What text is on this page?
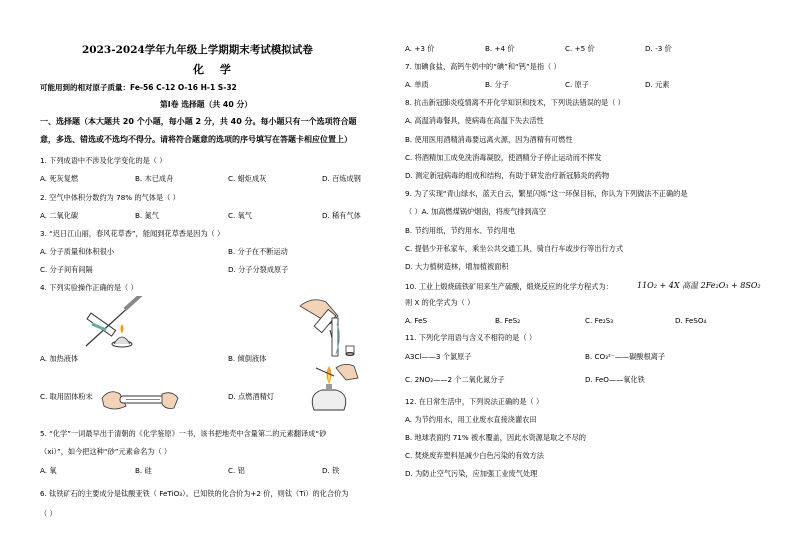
2023-2024学年九年级上学期期末考试模拟试卷
化 学
可能用到的相对原子质量：Fe-56 C-12 O-16 H-1 S-32
第Ⅰ卷 选择题（共 40 分）
一、选择题（本大题共 20 个小题，每小题 2 分，共 40 分。每小题只有一个选项符合题
意，多选、错选或不选均不得分。请将符合题意的选项的序号填写在答题卡相应位置上）
1. 下列成语中不涉及化学变化的是（ ）
A. 死灰复燃	B. 木已成舟	C. 蜡炬成灰	D. 百炼成钢
2. 空气中体积分数约为 78% 的气体是（ ）
A. 二氧化碳	B. 氮气	C. 氧气	D. 稀有气体
3. “迟日江山丽，春风花草香”，能闻到花草香是因为（ ）
A. 分子质量和体积很小	B. 分子在不断运动
C. 分子间有间隔	D. 分子分裂成原子
4. 下列实验操作正确的是（ ）
A. 加热液体	B. 倾倒液体
C. 取用固体粉末	D. 点燃酒精灯
5. “化学”一词最早出于清朝的《化学鉴原》一书，该书把地壳中含量第二的元素翻译成“砂
（xi）”，如今把这种“砂”元素命名为（ ）
A. 氧	B. 硅	C. 铝	D. 铁
6. 钛铁矿石的主要成分是钛酸亚铁（ FeTiO₃）。已知铁的化合价为+2 价，则钛（Ti）的化合价为
（ ）
A. +3 价	B. +4 价	C. +5 价	D. -3 价
7. 加碘食盐、高钙牛奶中的“碘”和“钙”是指（ ）
A. 单质	B. 分子	C. 原子	D. 元素
8. 抗击新冠肺炎疫情离不开化学知识和技术，下列说法错误的是（ ）
A. 高温消毒餐具，使病毒在高温下失去活性
B. 使用医用酒精消毒要远离火源，因为酒精有可燃性
C. 将酒精加工成免洗消毒凝胶，使酒精分子停止运动而不挥发
D. 测定新冠病毒的组成和结构，有助于研发治疗新冠肺炎的药物
9. 为了实现“青山绿水，蓝天白云，繁星闪烁”这一环保目标，你认为下列做法不正确的是
（ ）A. 加高燃煤锅炉烟囱，将废气排到高空
B. 节约用纸，节约用水、节约用电
C. 提倡少开私家车，乘坐公共交通工具，骑自行车或步行等出行方式
D. 大力植树造林，增加植被面积
10. 工业上煅烧硫铁矿用来生产硫酸，煅烧反应的化学方程式为：	11O₂ + 4X 高温 2Fe₂O₃ + 8SO₂
则 X 的化学式为（ ）
A. FeS	B. FeS₂	C. Fe₂S₃	D. FeSO₄
11. 下列化学用语与含义不相符的是（ ）
A3Cl——3 个氯原子	B. CO₃²⁻——碳酸根离子
C. 2NO₂——2 个二氧化氮分子	D. FeO——氧化铁
12. 在日常生活中，下列说法正确的是（ ）
A. 为节约用水，用工业废水直接浇灌农田
B. 地球表面约 71% 被水覆盖，因此水资源是取之不尽的
C. 焚烧废弃塑料是减少白色污染的有效方法
D. 为防止空气污染，应加强工业废气处理
